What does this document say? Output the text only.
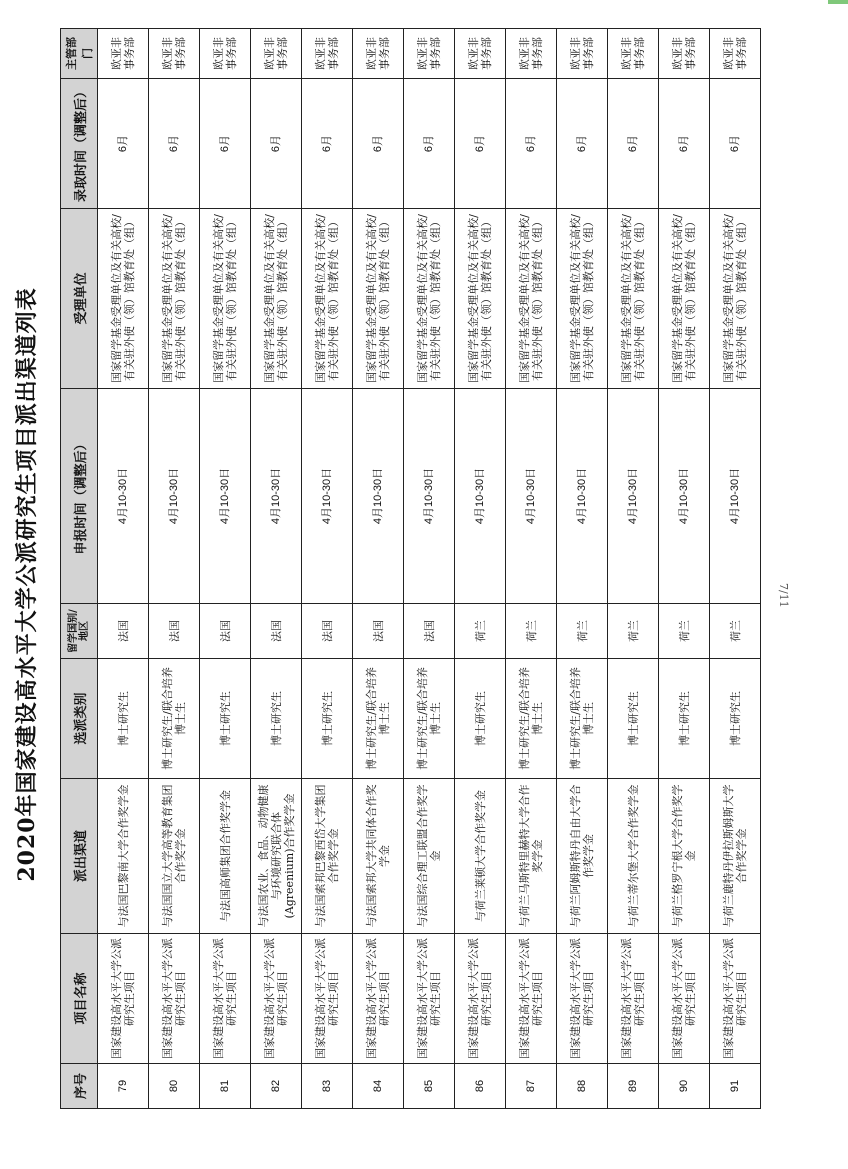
7/11
2020年国家建设高水平大学公派研究生项目派出渠道列表
序号	项目名称	派出渠道	选派类别	留学国别/地区	申报时间（调整后）	受理单位	录取时间（调整后）	主管部门
79	国家建设高水平大学公派研究生项目	与法国巴黎南大学合作奖学金	博士研究生	法国	4月10-30日	国家留学基金受理单位及有关高校/有关驻外使（领）馆教育处（组）	6月	欧亚非事务部
80	国家建设高水平大学公派研究生项目	与法国国立大学高等教育集团合作奖学金	博士研究生/联合培养博士生	法国	4月10-30日	国家留学基金受理单位及有关高校/有关驻外使（领）馆教育处（组）	6月	欧亚非事务部
81	国家建设高水平大学公派研究生项目	与法国高师集团合作奖学金	博士研究生	法国	4月10-30日	国家留学基金受理单位及有关高校/有关驻外使（领）馆教育处（组）	6月	欧亚非事务部
82	国家建设高水平大学公派研究生项目	与法国农业、食品、动物健康与环境研究联合体(Agreenium)合作奖学金	博士研究生	法国	4月10-30日	国家留学基金受理单位及有关高校/有关驻外使（领）馆教育处（组）	6月	欧亚非事务部
83	国家建设高水平大学公派研究生项目	与法国索邦巴黎西岱大学集团合作奖学金	博士研究生	法国	4月10-30日	国家留学基金受理单位及有关高校/有关驻外使（领）馆教育处（组）	6月	欧亚非事务部
84	国家建设高水平大学公派研究生项目	与法国索邦大学共同体合作奖学金	博士研究生/联合培养博士生	法国	4月10-30日	国家留学基金受理单位及有关高校/有关驻外使（领）馆教育处（组）	6月	欧亚非事务部
85	国家建设高水平大学公派研究生项目	与法国综合理工联盟合作奖学金	博士研究生/联合培养博士生	法国	4月10-30日	国家留学基金受理单位及有关高校/有关驻外使（领）馆教育处（组）	6月	欧亚非事务部
86	国家建设高水平大学公派研究生项目	与荷兰莱顿大学合作奖学金	博士研究生	荷兰	4月10-30日	国家留学基金受理单位及有关高校/有关驻外使（领）馆教育处（组）	6月	欧亚非事务部
87	国家建设高水平大学公派研究生项目	与荷兰马斯特里赫特大学合作奖学金	博士研究生/联合培养博士生	荷兰	4月10-30日	国家留学基金受理单位及有关高校/有关驻外使（领）馆教育处（组）	6月	欧亚非事务部
88	国家建设高水平大学公派研究生项目	与荷兰阿姆斯特丹自由大学合作奖学金	博士研究生/联合培养博士生	荷兰	4月10-30日	国家留学基金受理单位及有关高校/有关驻外使（领）馆教育处（组）	6月	欧亚非事务部
89	国家建设高水平大学公派研究生项目	与荷兰蒂尔堡大学合作奖学金	博士研究生	荷兰	4月10-30日	国家留学基金受理单位及有关高校/有关驻外使（领）馆教育处（组）	6月	欧亚非事务部
90	国家建设高水平大学公派研究生项目	与荷兰格罗宁根大学合作奖学金	博士研究生	荷兰	4月10-30日	国家留学基金受理单位及有关高校/有关驻外使（领）馆教育处（组）	6月	欧亚非事务部
91	国家建设高水平大学公派研究生项目	与荷兰鹿特丹伊拉斯姆斯大学合作奖学金	博士研究生	荷兰	4月10-30日	国家留学基金受理单位及有关高校/有关驻外使（领）馆教育处（组）	6月	欧亚非事务部
